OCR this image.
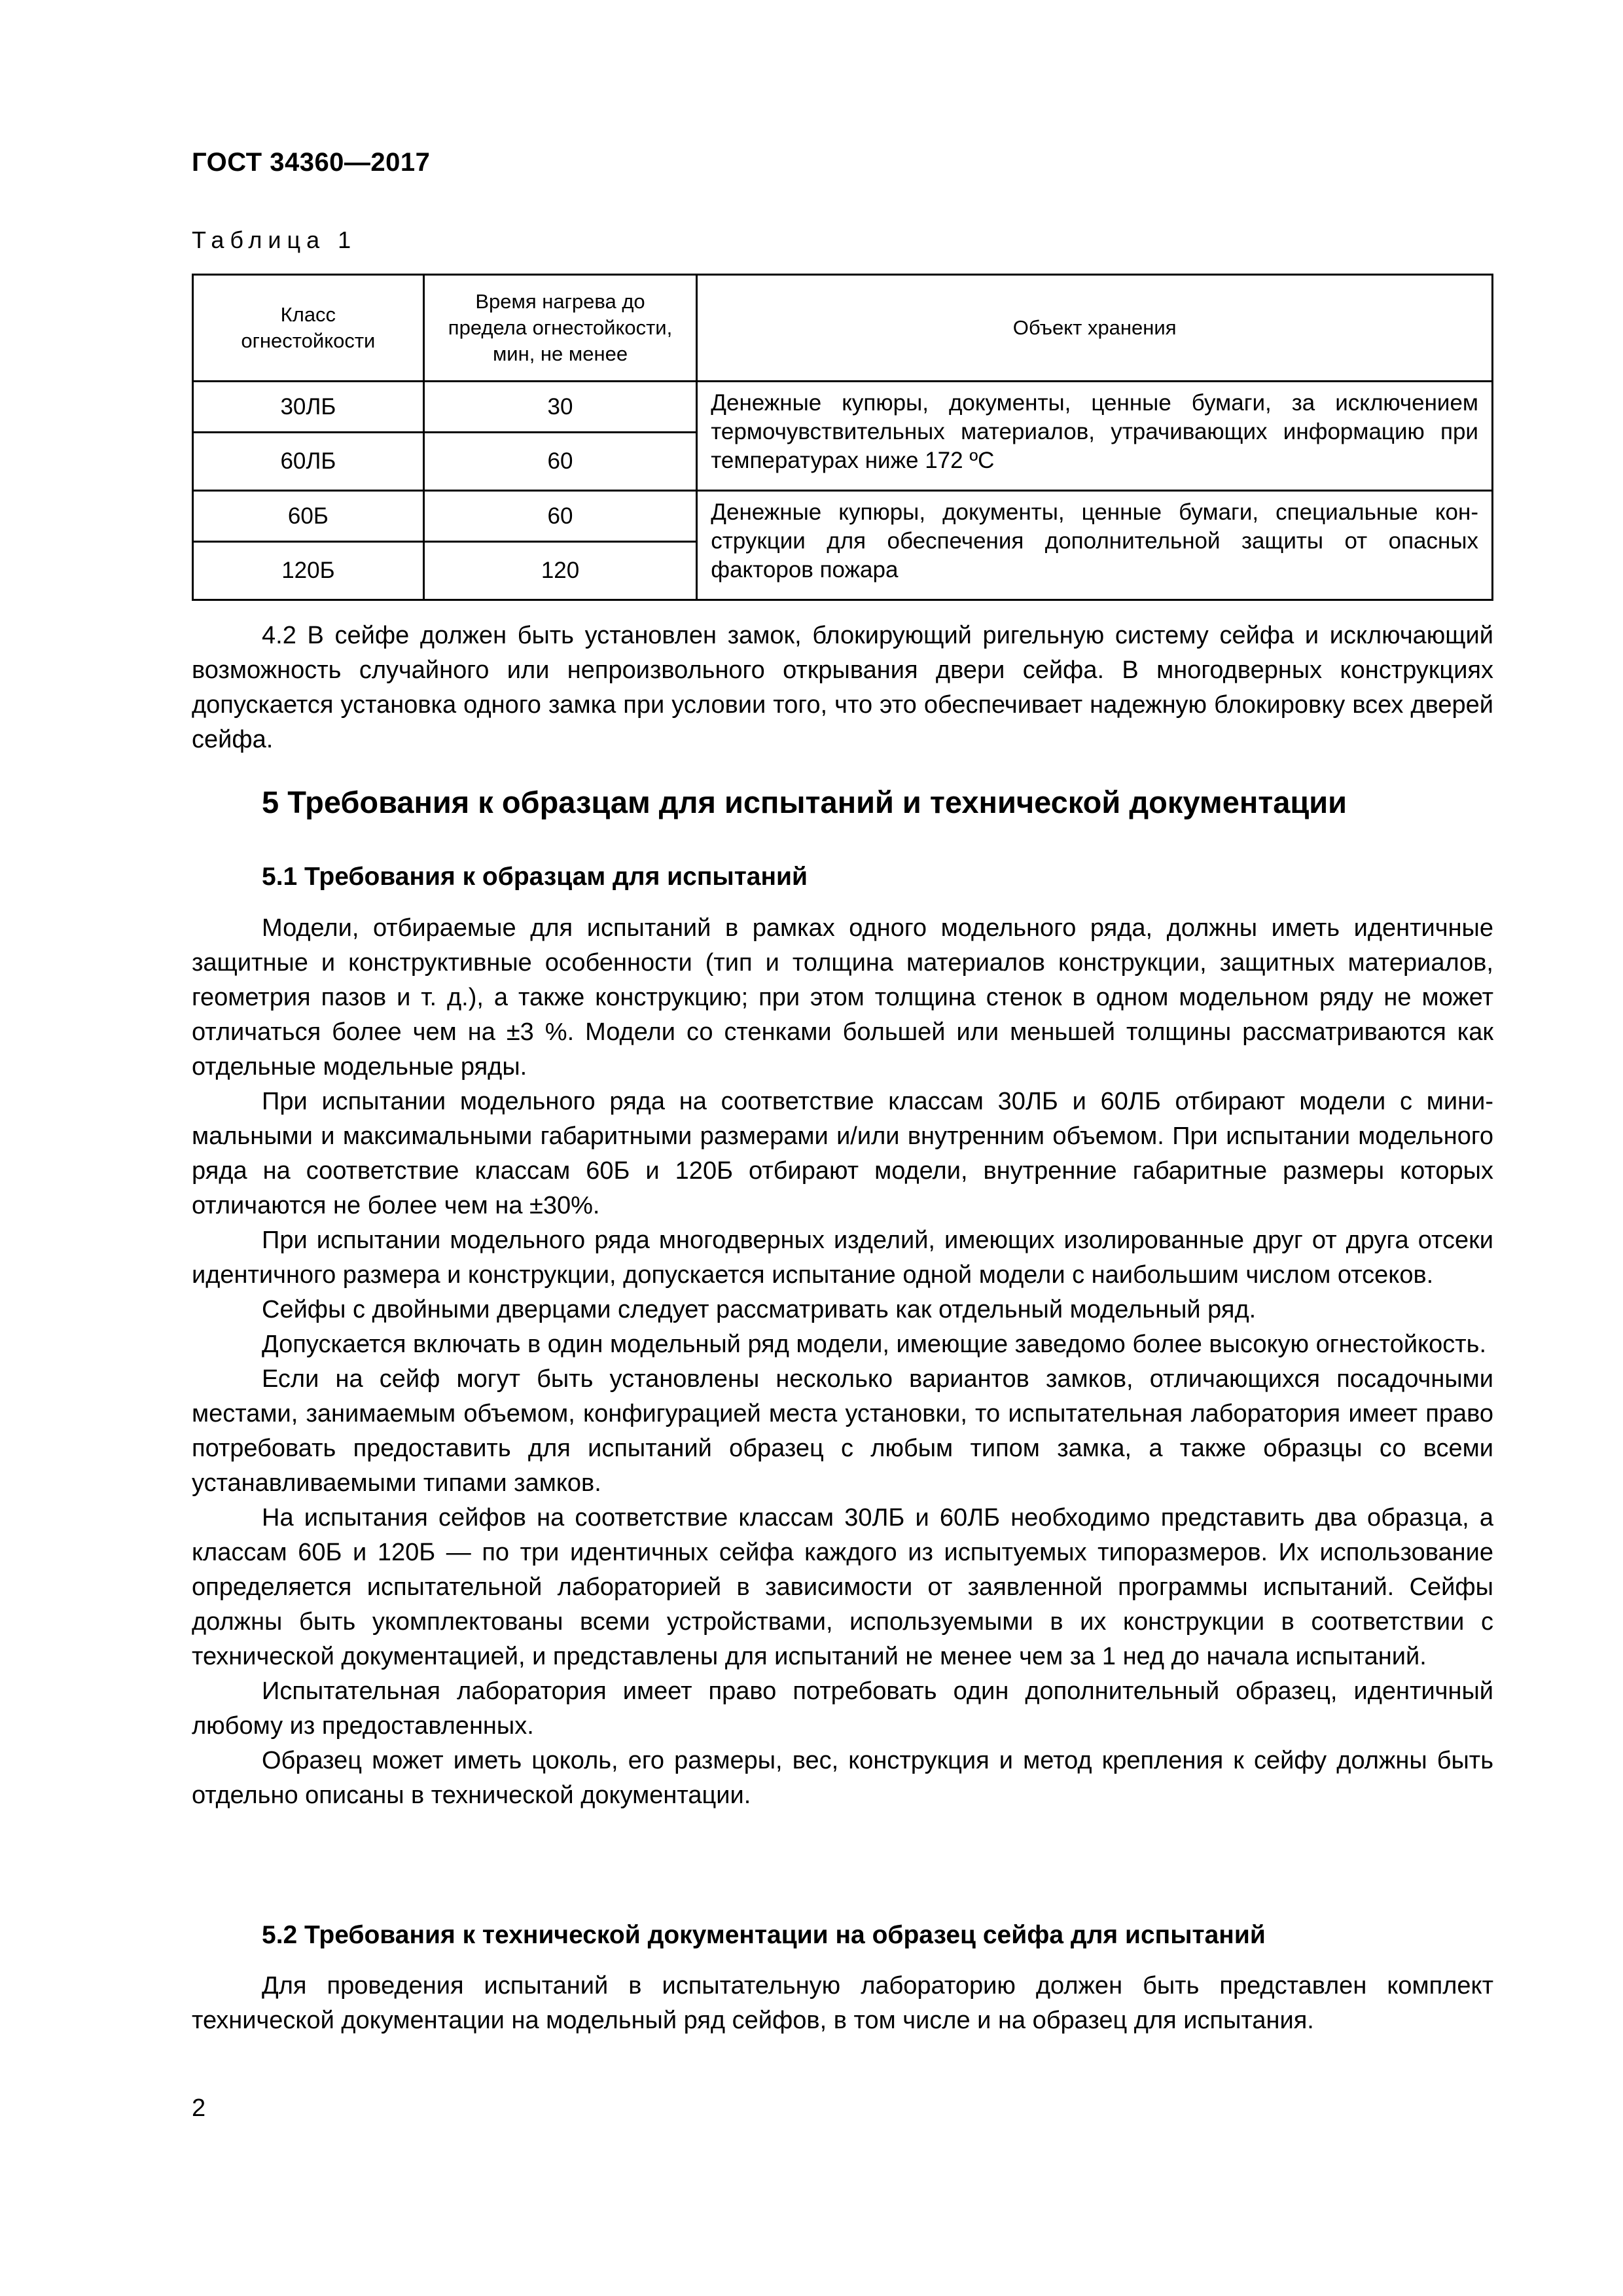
ГОСТ 34360—2017
Таблица 1
Класс огнестойкости	Время нагрева до предела огнестойкости, мин, не менее	Объект хранения
30ЛБ	30	Денежные купюры, документы, ценные бумаги, за исключением термочувствительных материалов, утрачивающих информацию при температурах ниже 172 ºС
60ЛБ	60	
60Б	60	Денежные купюры, документы, ценные бумаги, специальные конструкции для обеспечения дополнительной защиты от опасных факторов пожара
120Б	120	

4.2 В сейфе должен быть установлен замок, блокирующий ригельную систему сейфа и исключающий возможность случайного или непроизвольного открывания двери сейфа. В многодверных конструкциях допускается установка одного замка при условии того, что это обеспечивает надежную блокировку всех дверей сейфа.

5 Требования к образцам для испытаний и технической документации
5.1 Требования к образцам для испытаний

Модели, отбираемые для испытаний в рамках одного модельного ряда, должны иметь идентичные защитные и конструктивные особенности (тип и толщина материалов конструкции, защитных материалов, геометрия пазов и т. д.), а также конструкцию; при этом толщина стенок в одном модельном ряду не может отличаться более чем на ±3 %. Модели со стенками большей или меньшей толщины рассматриваются как отдельные модельные ряды.

При испытании модельного ряда на соответствие классам 30ЛБ и 60ЛБ отбирают модели с минимальными и максимальными габаритными размерами и/или внутренним объемом. При испытании модельного ряда на соответствие классам 60Б и 120Б отбирают модели, внутренние габаритные размеры которых отличаются не более чем на ±30%.

При испытании модельного ряда многодверных изделий, имеющих изолированные друг от друга отсеки идентичного размера и конструкции, допускается испытание одной модели с наибольшим числом отсеков.

Сейфы с двойными дверцами следует рассматривать как отдельный модельный ряд.

Допускается включать в один модельный ряд модели, имеющие заведомо более высокую огнестойкость.

Если на сейф могут быть установлены несколько вариантов замков, отличающихся посадочными местами, занимаемым объемом, конфигурацией места установки, то испытательная лаборатория имеет право потребовать предоставить для испытаний образец с любым типом замка, а также образцы со всеми устанавливаемыми типами замков.

На испытания сейфов на соответствие классам 30ЛБ и 60ЛБ необходимо представить два образца, а классам 60Б и 120Б — по три идентичных сейфа каждого из испытуемых типоразмеров. Их использование определяется испытательной лабораторией в зависимости от заявленной программы испытаний. Сейфы должны быть укомплектованы всеми устройствами, используемыми в их конструкции в соответствии с технической документацией, и представлены для испытаний не менее чем за 1 нед до начала испытаний.

Испытательная лаборатория имеет право потребовать один дополнительный образец, идентичный любому из предоставленных.

Образец может иметь цоколь, его размеры, вес, конструкция и метод крепления к сейфу должны быть отдельно описаны в технической документации.

5.2 Требования к технической документации на образец сейфа для испытаний

Для проведения испытаний в испытательную лабораторию должен быть представлен комплект технической документации на модельный ряд сейфов, в том числе и на образец для испытания.

2
